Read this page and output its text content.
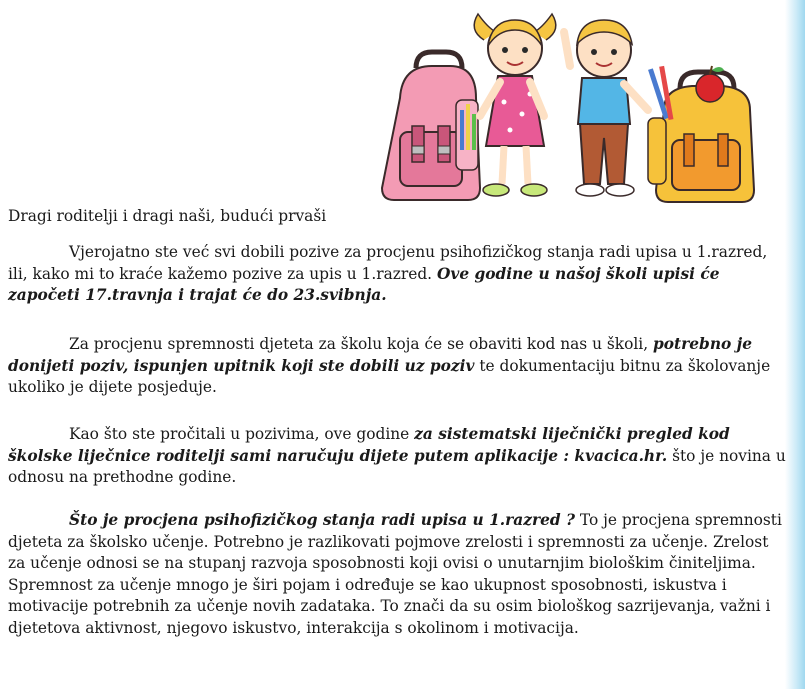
Dragi roditelji i dragi naši, budući prvaši

Vjerojatno ste već svi dobili pozive za procjenu psihofizičkog stanja radi upisa u 1.razred, ili, kako mi to kraće kažemo pozive za upis u 1.razred. Ove godine u našoj školi upisi će započeti 17.travnja i trajat će do 23.svibnja.

Za procjenu spremnosti djeteta za školu koja će se obaviti kod nas u školi, potrebno je donijeti poziv, ispunjen upitnik koji ste dobili uz poziv te dokumentaciju bitnu za školovanje ukoliko je dijete posjeduje.

Kao što ste pročitali u pozivima, ove godine za sistematski liječnički pregled kod školske liječnice roditelji sami naručuju dijete putem aplikacije : kvacica.hr. što je novina u odnosu na prethodne godine.

Što je procjena psihofizičkog stanja radi upisa u 1.razred ? To je procjena spremnosti djeteta za školsko učenje. Potrebno je razlikovati pojmove zrelosti i spremnosti za učenje. Zrelost za učenje odnosi se na stupanj razvoja sposobnosti koji ovisi o unutarnjim biološkim činiteljima. Spremnost za učenje mnogo je širi pojam i određuje se kao ukupnost sposobnosti, iskustva i motivacije potrebnih za učenje novih zadataka. To znači da su osim biološkog sazrijevanja, važni i djetetova aktivnost, njegovo iskustvo, interakcija s okolinom i motivacija.
